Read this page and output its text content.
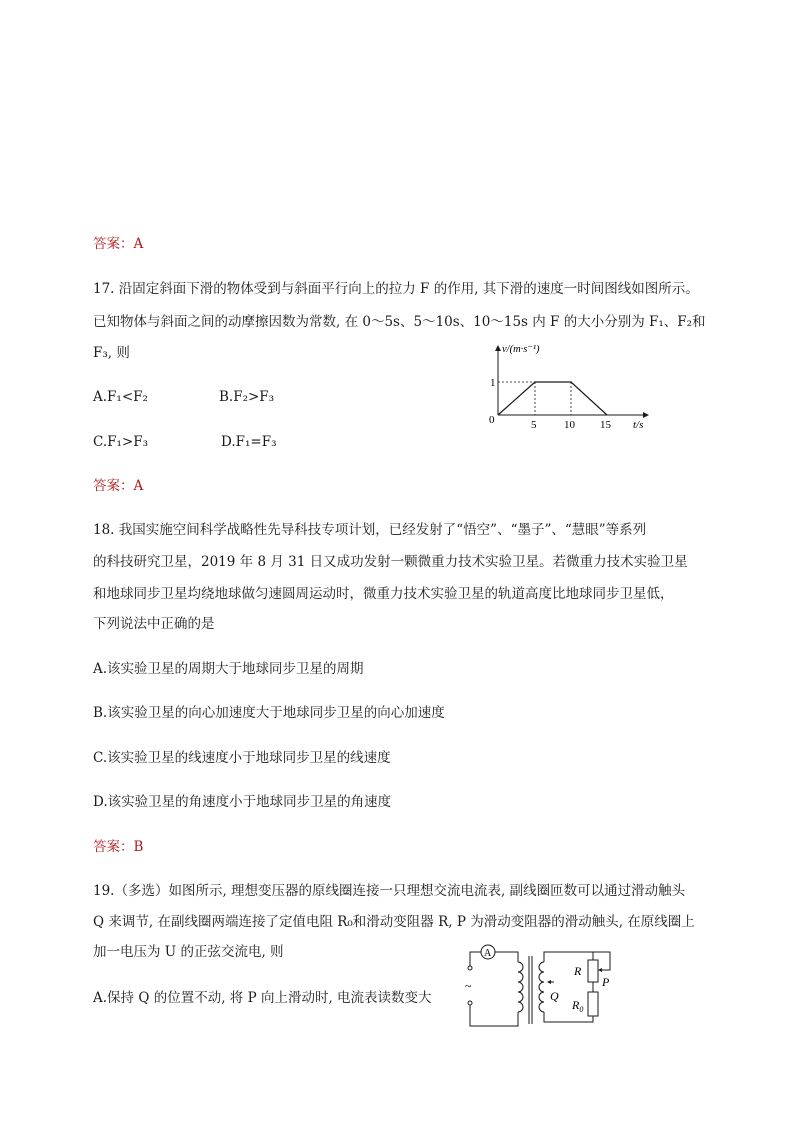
答案：A
17. 沿固定斜面下滑的物体受到与斜面平行向上的拉力 F 的作用, 其下滑的速度一时间图线如图所示。
已知物体与斜面之间的动摩擦因数为常数, 在 0～5s、5～10s、10～15s 内 F 的大小分别为 F₁、F₂和
F₃, 则
A.F₁<F₂	B.F₂>F₃
C.F₁>F₃	D.F₁=F₃
v/(m·s⁻¹)
1
0	5	10 15 t/s
答案：A
18. 我国实施空间科学战略性先导科技专项计划，已经发射了“悟空”、“墨子”、“慧眼”等系列
的科技研究卫星，2019 年 8 月 31 日又成功发射一颗微重力技术实验卫星。若微重力技术实验卫星
和地球同步卫星均绕地球做匀速圆周运动时，微重力技术实验卫星的轨道高度比地球同步卫星低，
下列说法中正确的是
A.该实验卫星的周期大于地球同步卫星的周期
B.该实验卫星的向心加速度大于地球同步卫星的向心加速度
C.该实验卫星的线速度小于地球同步卫星的线速度
D.该实验卫星的角速度小于地球同步卫星的角速度
答案：B
19.（多选）如图所示, 理想变压器的原线圈连接一只理想交流电流表, 副线圈匝数可以通过滑动触头
Q 来调节, 在副线圈两端连接了定值电阻 R₀和滑动变阻器 R, P 为滑动变阻器的滑动触头, 在原线圈上
加一电压为 U 的正弦交流电, 则
A.保持 Q 的位置不动, 将 P 向上滑动时, 电流表读数变大
~
A
Q
R
$R_0$
P
